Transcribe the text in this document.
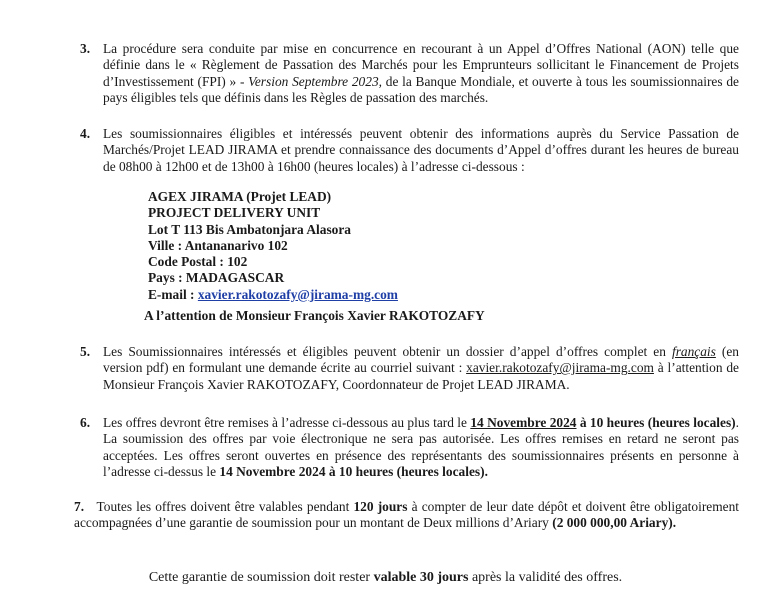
3. La procédure sera conduite par mise en concurrence en recourant à un Appel d’Offres National (AON) telle que définie dans le « Règlement de Passation des Marchés pour les Emprunteurs sollicitant le Financement de Projets d’Investissement (FPI) » - Version Septembre 2023, de la Banque Mondiale, et ouverte à tous les soumissionnaires de pays éligibles tels que définis dans les Règles de passation des marchés.
4. Les soumissionnaires éligibles et intéressés peuvent obtenir des informations auprès du Service Passation de Marchés/Projet LEAD JIRAMA et prendre connaissance des documents d’Appel d’offres durant les heures de bureau de 08h00 à 12h00 et de 13h00 à 16h00 (heures locales) à l’adresse ci-dessous :
AGEX JIRAMA (Projet LEAD)
PROJECT DELIVERY UNIT
Lot T 113 Bis Ambatonjara Alasora
Ville : Antananarivo 102
Code Postal : 102
Pays : MADAGASCAR
E-mail : xavier.rakotozafy@jirama-mg.com
A l’attention de Monsieur François Xavier RAKOTOZAFY
5. Les Soumissionnaires intéressés et éligibles peuvent obtenir un dossier d’appel d’offres complet en français (en version pdf) en formulant une demande écrite au courriel suivant : xavier.rakotozafy@jirama-mg.com à l’attention de Monsieur François Xavier RAKOTOZAFY, Coordonnateur de Projet LEAD JIRAMA.
6. Les offres devront être remises à l’adresse ci-dessous au plus tard le 14 Novembre 2024 à 10 heures (heures locales). La soumission des offres par voie électronique ne sera pas autorisée. Les offres remises en retard ne seront pas acceptées. Les offres seront ouvertes en présence des représentants des soumissionnaires présents en personne à l’adresse ci-dessus le 14 Novembre 2024 à 10 heures (heures locales).
7. Toutes les offres doivent être valables pendant 120 jours à compter de leur date dépôt et doivent être obligatoirement accompagnées d’une garantie de soumission pour un montant de Deux millions d’Ariary (2 000 000,00 Ariary).
Cette garantie de soumission doit rester valable 30 jours après la validité des offres.
